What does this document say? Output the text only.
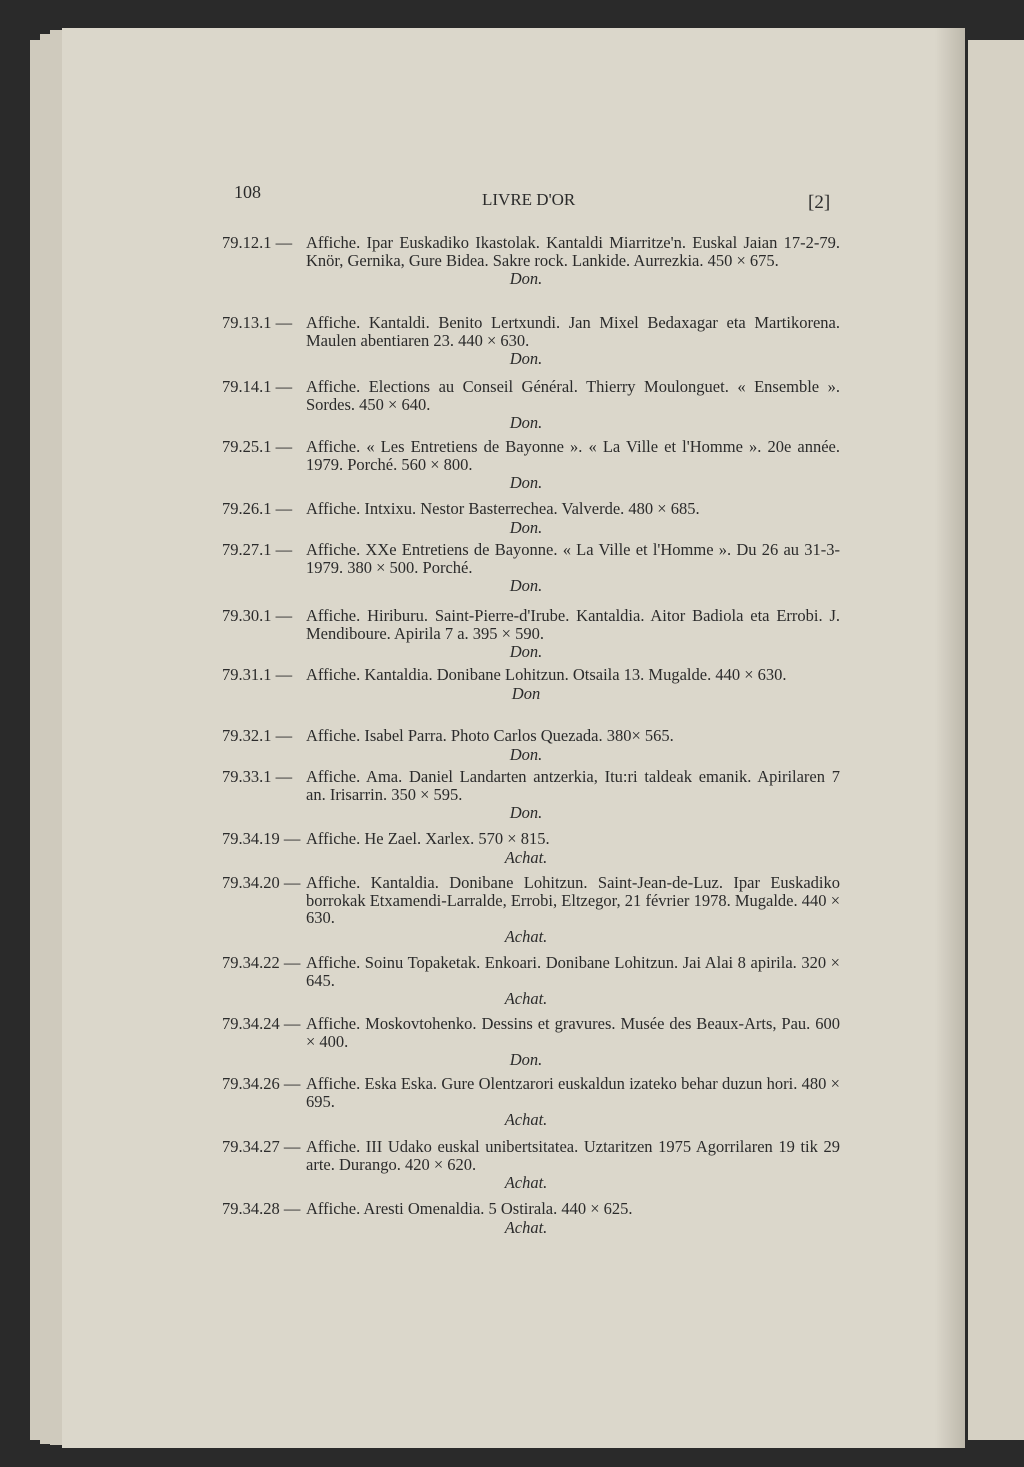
108	LIVRE D'OR	[2]
79.12.1 — Affiche. Ipar Euskadiko Ikastolak. Kantaldi Miarritze'n. Euskal Jaian 17-2-79. Knör, Gernika, Gure Bidea. Sakre rock. Lankide. Aurrezkia. 450 × 675.
Don.
79.13.1 — Affiche. Kantaldi. Benito Lertxundi. Jan Mixel Bedaxagar eta Martikorena. Maulen abentiaren 23. 440 × 630.
Don.
79.14.1 — Affiche. Elections au Conseil Général. Thierry Moulonguet. « Ensemble ». Sordes. 450 × 640.
Don.
79.25.1 — Affiche. « Les Entretiens de Bayonne ». « La Ville et l'Homme ». 20e année. 1979. Porché. 560 × 800.
Don.
79.26.1 — Affiche. Intxixu. Nestor Basterrechea. Valverde. 480 × 685.
Don.
79.27.1 — Affiche. XXe Entretiens de Bayonne. « La Ville et l'Homme ». Du 26 au 31-3-1979. 380 × 500. Porché.
Don.
79.30.1 — Affiche. Hiriburu. Saint-Pierre-d'Irube. Kantaldia. Aitor Badiola eta Errobi. J. Mendiboure. Apirila 7 a. 395 × 590.
Don.
79.31.1 — Affiche. Kantaldia. Donibane Lohitzun. Otsaila 13. Mugalde. 440 × 630.
Don
79.32.1 — Affiche. Isabel Parra. Photo Carlos Quezada. 380× 565.
Don.
79.33.1 — Affiche. Ama. Daniel Landarten antzerkia, Itu:ri taldeak emanik. Apirilaren 7 an. Irisarrin. 350 × 595.
Don.
79.34.19 — Affiche. He Zael. Xarlex. 570 × 815.
Achat.
79.34.20 — Affiche. Kantaldia. Donibane Lohitzun. Saint-Jean-de-Luz. Ipar Euskadiko borrokak Etxamendi-Larralde, Errobi, Eltzegor, 21 février 1978. Mugalde. 440 × 630.
Achat.
79.34.22 — Affiche. Soinu Topaketak. Enkoari. Donibane Lohitzun. Jai Alai 8 apirila. 320 × 645.
Achat.
79.34.24 — Affiche. Moskovtohenko. Dessins et gravures. Musée des Beaux-Arts, Pau. 600 × 400.
Don.
79.34.26 — Affiche. Eska Eska. Gure Olentzarori euskaldun izateko behar duzun hori. 480 × 695.
Achat.
79.34.27 — Affiche. III Udako euskal unibertsitatea. Uztaritzen 1975 Agorrilaren 19 tik 29 arte. Durango. 420 × 620.
Achat.
79.34.28 — Affiche. Aresti Omenaldia. 5 Ostirala. 440 × 625.
Achat.
